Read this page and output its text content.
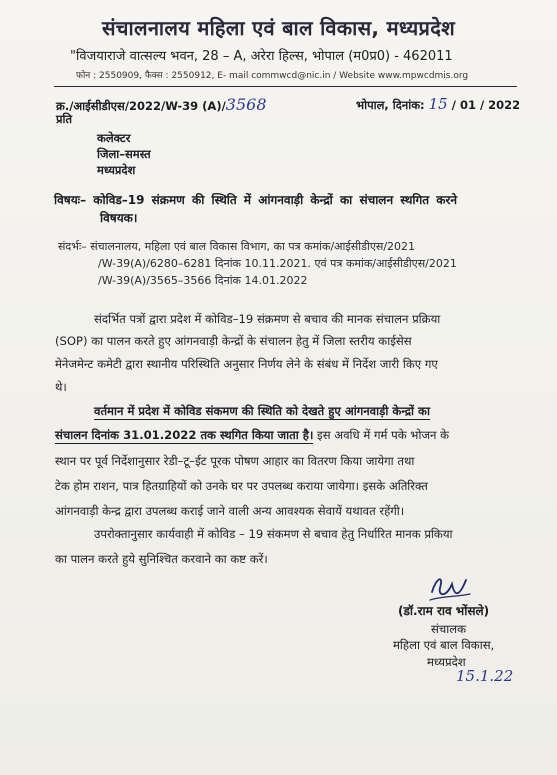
संचालनालय महिला एवं बाल विकास, मध्यप्रदेश
"विजयाराजे वात्सल्य भवन, 28 – A, अरेरा हिल्स, भोपाल (म0प्र0) - 462011
फोन : 2550909, फैक्स : 2550912, E- mail commwcd@nic.in / Website www.mpwcdmis.org
क्र./आईसीडीएस/2022/W-39 (A)/3568	भोपाल, दिनांक: 15 / 01 / 2022
प्रति
कलेक्टर
जिला–समस्त
मध्यप्रदेश
विषयः– कोविड–19 संक्रमण की स्थिति में आंगनवाड़ी केन्द्रों का संचालन स्थगित करने
विषयक।
संदर्भः– संचालनालय, महिला एवं बाल विकास विभाग, का पत्र कमांक/आईसीडीएस/2021
/W-39(A)/6280–6281 दिनांक 10.11.2021. एवं पत्र कमांक/आईसीडीएस/2021
/W-39(A)/3565–3566 दिनांक 14.01.2022
संदर्भित पत्रों द्वारा प्रदेश में कोविड–19 संक्रमण से बचाव की मानक संचालन प्रक्रिया
(SOP) का पालन करते हुए आंगनवाड़ी केन्द्रों के संचालन हेतु में जिला स्तरीय काईसेस
मेनेजमेन्ट कमेटी द्वारा स्थानीय परिस्थिति अनुसार निर्णय लेने के संबंध में निर्देश जारी किए गए
थे।
वर्तमान में प्रदेश में कोविड संकमण की स्थिति को देखते हुए आंगनवाड़ी केन्द्रों का
संचालन दिनांक 31.01.2022 तक स्थगित किया जाता है। इस अवधि में गर्म पके भोजन के
स्थान पर पूर्व निर्देशानुसार रेडी–टू–ईट पूरक पोषण आहार का वितरण किया जायेगा तथा
टेक होम राशन, पात्र हितग्राहियों को उनके घर पर उपलब्ध कराया जायेगा। इसके अतिरिक्त
आंगनवाड़ी केन्द्र द्वारा उपलब्ध कराई जाने वाली अन्य आवश्यक सेवायें यथावत रहेंगी।
उपरोक्तानुसार कार्यवाही में कोविड – 19 संकमण से बचाव हेतु निर्धारित मानक प्रकिया
का पालन करते हुये सुनिश्चित करवाने का कष्ट करें।
(डॉ.राम राव भोंसले)
संचालक
महिला एवं बाल विकास,
मध्यप्रदेश
15.1.22
